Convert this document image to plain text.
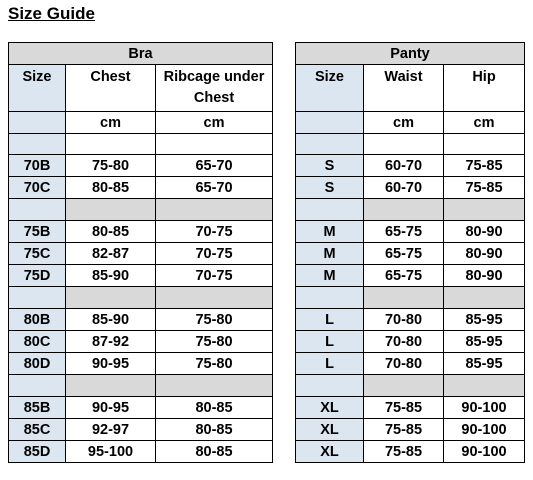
Size Guide
Bra		
Size	Chest	Ribcage under Chest
	cm	cm

70B	75-80	65-70
70C	80-85	65-70

75B	80-85	70-75
75C	82-87	70-75
75D	85-90	70-75

80B	85-90	75-80
80C	87-92	75-80
80D	90-95	75-80

85B	90-95	80-85
85C	92-97	80-85
85D	95-100	80-85
Panty		
Size	Waist	Hip
	cm	cm

S	60-70	75-85
S	60-70	75-85

M	65-75	80-90
M	65-75	80-90
M	65-75	80-90

L	70-80	85-95
L	70-80	85-95
L	70-80	85-95

XL	75-85	90-100
XL	75-85	90-100
XL	75-85	90-100
